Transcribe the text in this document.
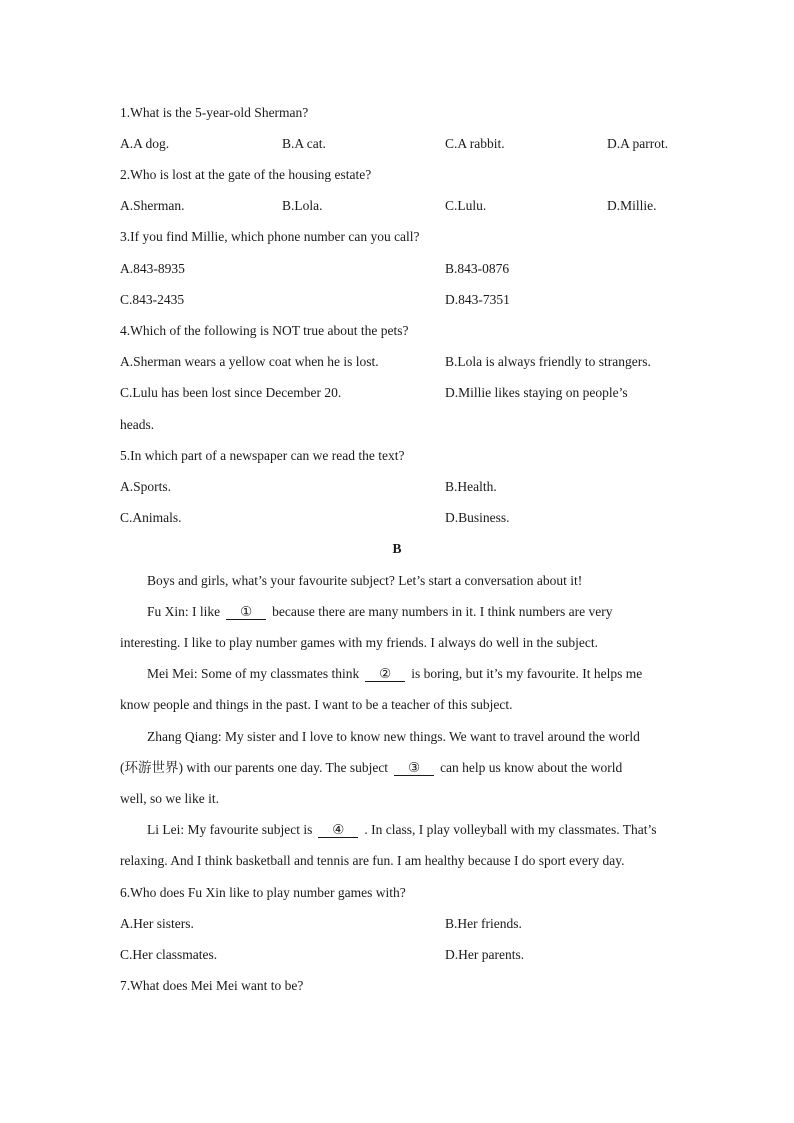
1.What is the 5-year-old Sherman?
A.A dog.	B.A cat.	C.A rabbit.	D.A parrot.
2.Who is lost at the gate of the housing estate?
A.Sherman.	B.Lola.	C.Lulu.	D.Millie.
3.If you find Millie, which phone number can you call?
A.843-8935	B.843-0876
C.843-2435	D.843-7351
4.Which of the following is NOT true about the pets?
A.Sherman wears a yellow coat when he is lost.	B.Lola is always friendly to strangers.
C.Lulu has been lost since December 20.	D.Millie likes staying on people’s
heads.
5.In which part of a newspaper can we read the text?
A.Sports.	B.Health.
C.Animals.	D.Business.
B
Boys and girls, what’s your favourite subject? Let’s start a conversation about it!
Fu Xin: I like ① because there are many numbers in it. I think numbers are very
interesting. I like to play number games with my friends. I always do well in the subject.
Mei Mei: Some of my classmates think ② is boring, but it’s my favourite. It helps me
know people and things in the past. I want to be a teacher of this subject.
Zhang Qiang: My sister and I love to know new things. We want to travel around the world
(环游世界) with our parents one day. The subject ③ can help us know about the world
well, so we like it.
Li Lei: My favourite subject is ④ . In class, I play volleyball with my classmates. That’s
relaxing. And I think basketball and tennis are fun. I am healthy because I do sport every day.
6.Who does Fu Xin like to play number games with?
A.Her sisters.	B.Her friends.
C.Her classmates.	D.Her parents.
7.What does Mei Mei want to be?
